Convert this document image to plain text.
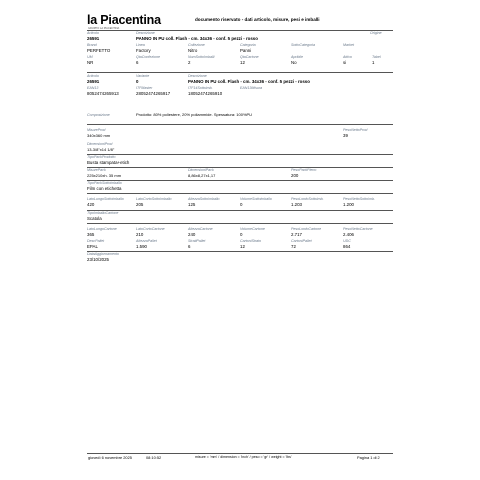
la Piacentina
GRUPPO LA PIACENTINA
documento riservato - dati articolo, misure, pesi e imballi
Articolo	Descrizione	Origine
26591	PANNO IN PU coll. Flash - cm. 34x36 - conf. 5 pezzi - rosso
Brand	Linea	Collezione	Categoria	SottoCategoria	Market
PERFETTO	Factory	Nitro	Panni
UM	QtaConfezione	NumSottoImballi	QtaCartone	Apribile	Attivo	Tabel
NR	6	2	12	No	si	1
Articolo	Variante	Descrizione
26591	0	PANNO IN PU coll. Flash - cm. 34x36 - conf. 5 pezzi - rosso
EAN13	ITFMaster	ITF14Sottoimb.	EAN13Misura
8052474265913	28052474265917	18052474265910
Composizione	Prodotto: 80% poliestere, 20% poliammide. Spessatura: 100%PU
MisureProd	PesoNettoProd
340x360 mm	39
DimensioniProd
13-3/8"x14 1/8"
TipoPackProdotto
Busta stampata+etich
MisurePack	DimensioniPack	PesoPackPieno
225x210xh. 35 mm	8,86x8,27x1,17	200
TipoPackSottoimballo
Film con etichetta
LatoLungoSottoimballo	LatoCortoSottoimballo	AltezzaSottoimballo	VolumeSottoimballo	PesoLordoSottoimb.	PesoNettoSottoimb.
420	205	125	0	1.203	1.200
TipoImballoCartone
Scatola
LatoLungoCartone	LatoCortoCartone	AltezzaCartone	VolumeCartone	PesoLordoCartone	PesoNettoCartone
365	210	240	0	2.717	2.406
DescPallet	AltezzaPallet	StratiPallet	CartoniStrato	CartoniPallet	UDC
EPAL	1.590	6	12	72	864
DataAggiornamento
23/10/2025
giovedì 6 novembre 2025	08:10:52	misure = 'mm' / dimension = 'inch' / peso = 'gr' / weight = 'lbs'	Pagina 1 di 2
